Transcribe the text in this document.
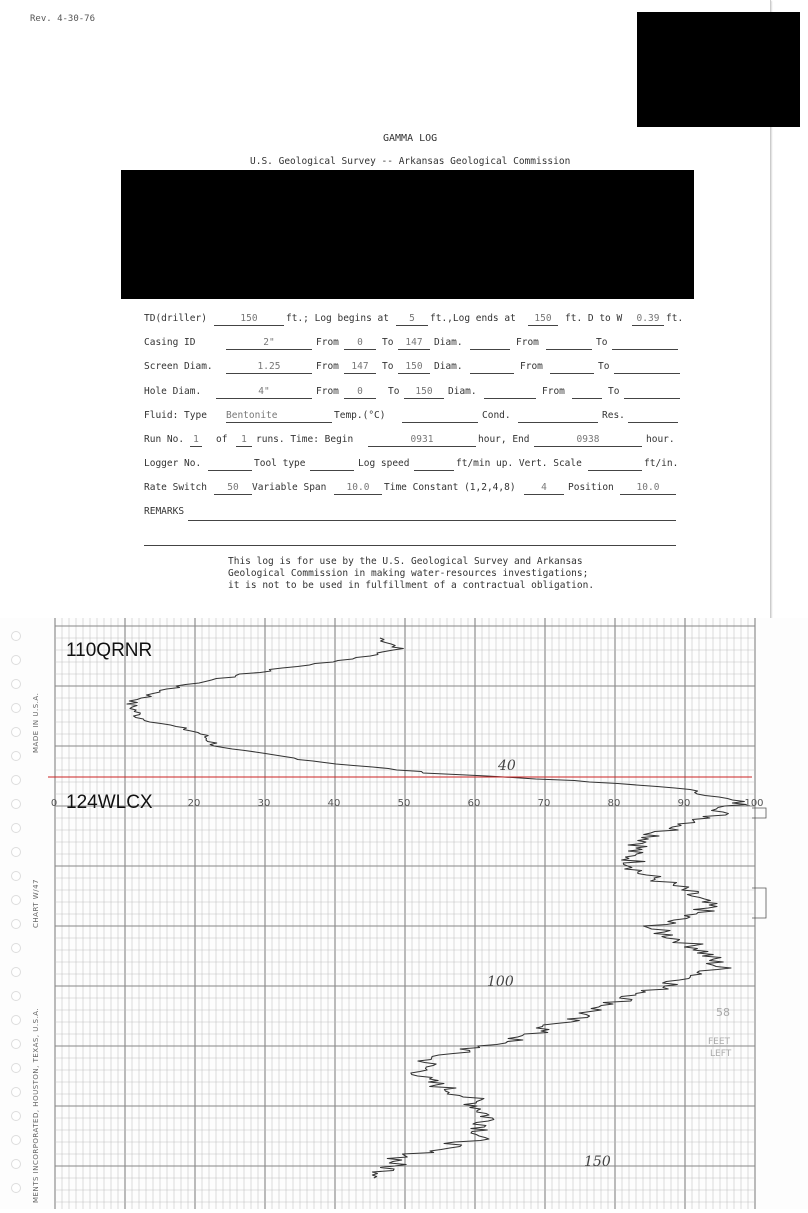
Rev. 4-30-76
GAMMA LOG
U.S. Geological Survey -- Arkansas Geological Commission
TD(driller)	150	ft.; Log begins at	5	ft.,Log ends at	150	ft. D to W	0.39 ft.
Casing ID	2"	From	0	To	147	Diam.	From	To
Screen Diam.	1.25	From	147	To	150	Diam.	From	To
Hole Diam.	4"	From	0	To	150	Diam.	From	To
Fluid: Type Bentonite	Temp.(°C)	Cond.	Res.
Run No. 1	of	1 runs. Time: Begin	0931	hour, End	0938	hour.
Logger No.	Tool type	Log speed	ft/min up. Vert. Scale	ft/in.
Rate Switch	50	Variable Span	10.0	Time Constant (1,2,4,8)	4	Position	10.0
REMARKS
This log is for use by the U.S. Geological Survey and Arkansas
Geological Commission in making water-resources investigations;
it is not to be used in fulfillment of a contractual obligation.
0	20	30	40	50	60	70	80	90	100
MADE IN U.S.A.
CHART W/47
MENTS INCORPORATED, HOUSTON, TEXAS, U.S.A.
40
100
150
58
FEET
LEFT
110QRNR
124WLCX
